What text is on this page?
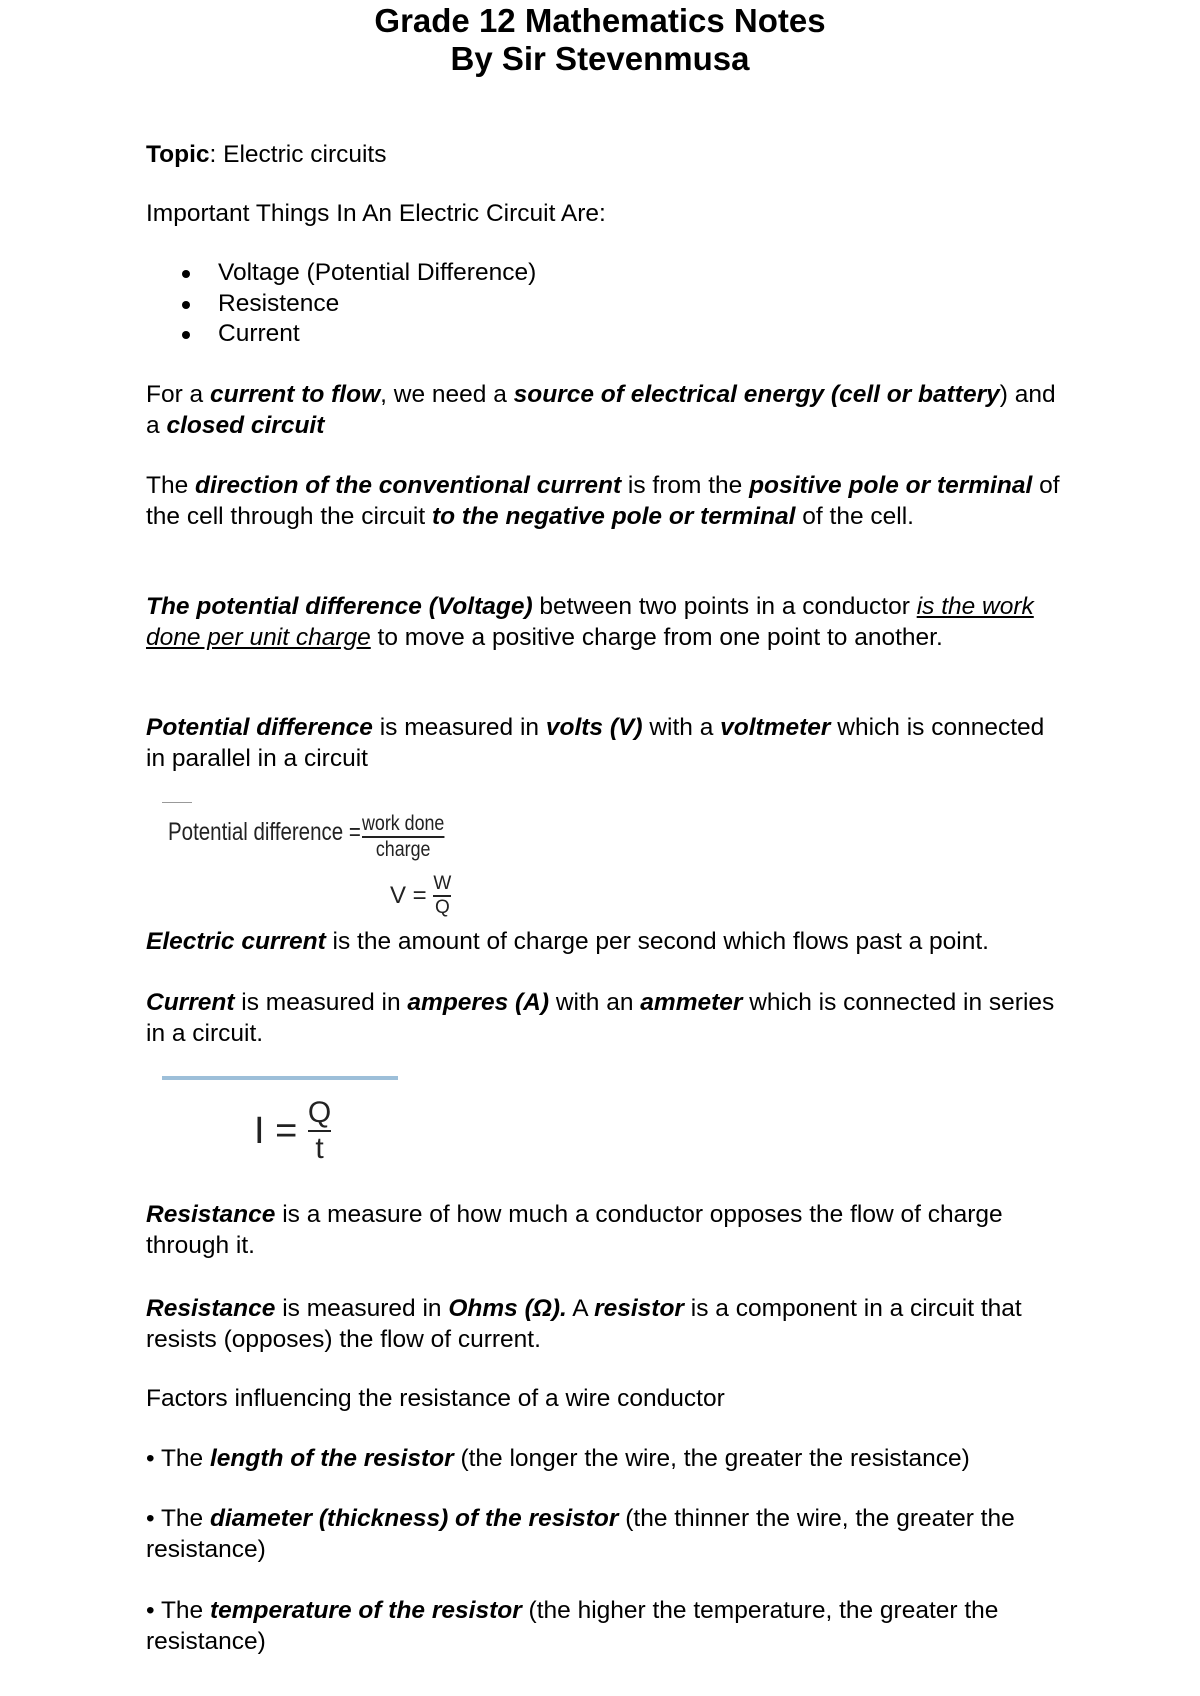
Grade 12 Mathematics Notes
By Sir Stevenmusa

Topic: Electric circuits

Important Things In An Electric Circuit Are:

Voltage (Potential Difference)
Resistence
Current

For a current to flow, we need a source of electrical energy (cell or battery) and a closed circuit

The direction of the conventional current is from the positive pole or terminal of the cell through the circuit to the negative pole or terminal of the cell.

The potential difference (Voltage) between two points in a conductor is the work done per unit charge to move a positive charge from one point to another.

Potential difference is measured in volts (V) with a voltmeter which is connected in parallel in a circuit

Potential difference = work done
charge
$V = \frac{W}{Q}$

Electric current is the amount of charge per second which flows past a point.

Current is measured in amperes (A) with an ammeter which is connected in series in a circuit.

$I = \frac{Q}{t}$

Resistance is a measure of how much a conductor opposes the flow of charge through it.

Resistance is measured in Ohms (Ω). A resistor is a component in a circuit that resists (opposes) the flow of current.

Factors influencing the resistance of a wire conductor

• The length of the resistor (the longer the wire, the greater the resistance)

• The diameter (thickness) of the resistor (the thinner the wire, the greater the resistance)

• The temperature of the resistor (the higher the temperature, the greater the resistance)
